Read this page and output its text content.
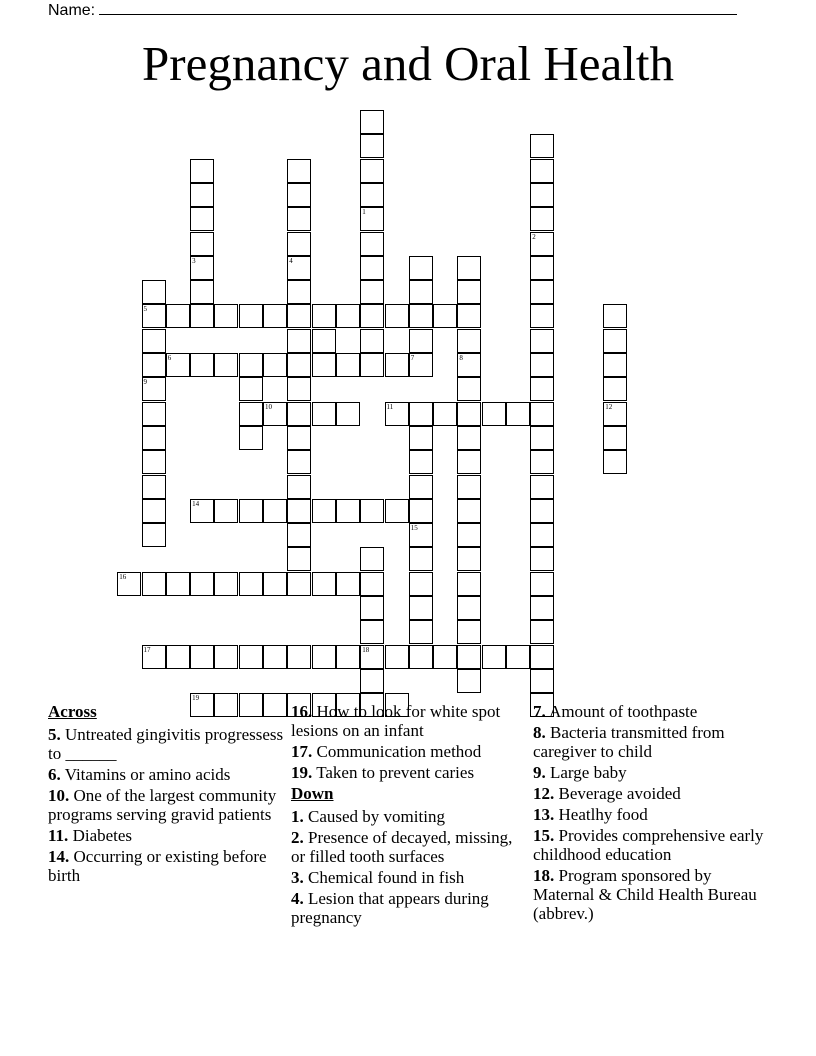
Name:
Pregnancy and Oral Health
5
6	7
11
10
14
16
17	18
19
1
2
3	4
8
9
12
15
Across
5. Untreated gingivitis progressess to ______
6. Vitamins or amino acids
10. One of the largest community programs serving gravid patients
11. Diabetes
14. Occurring or existing before birth
16. How to look for white spot lesions on an infant
17. Communication method
19. Taken to prevent caries
Down
1. Caused by vomiting
2. Presence of decayed, missing, or filled tooth surfaces
3. Chemical found in fish
4. Lesion that appears during pregnancy
7. Amount of toothpaste
8. Bacteria transmitted from caregiver to child
9. Large baby
12. Beverage avoided
13. Heatlhy food
15. Provides comprehensive early childhood education
18. Program sponsored by Maternal & Child Health Bureau (abbrev.)
